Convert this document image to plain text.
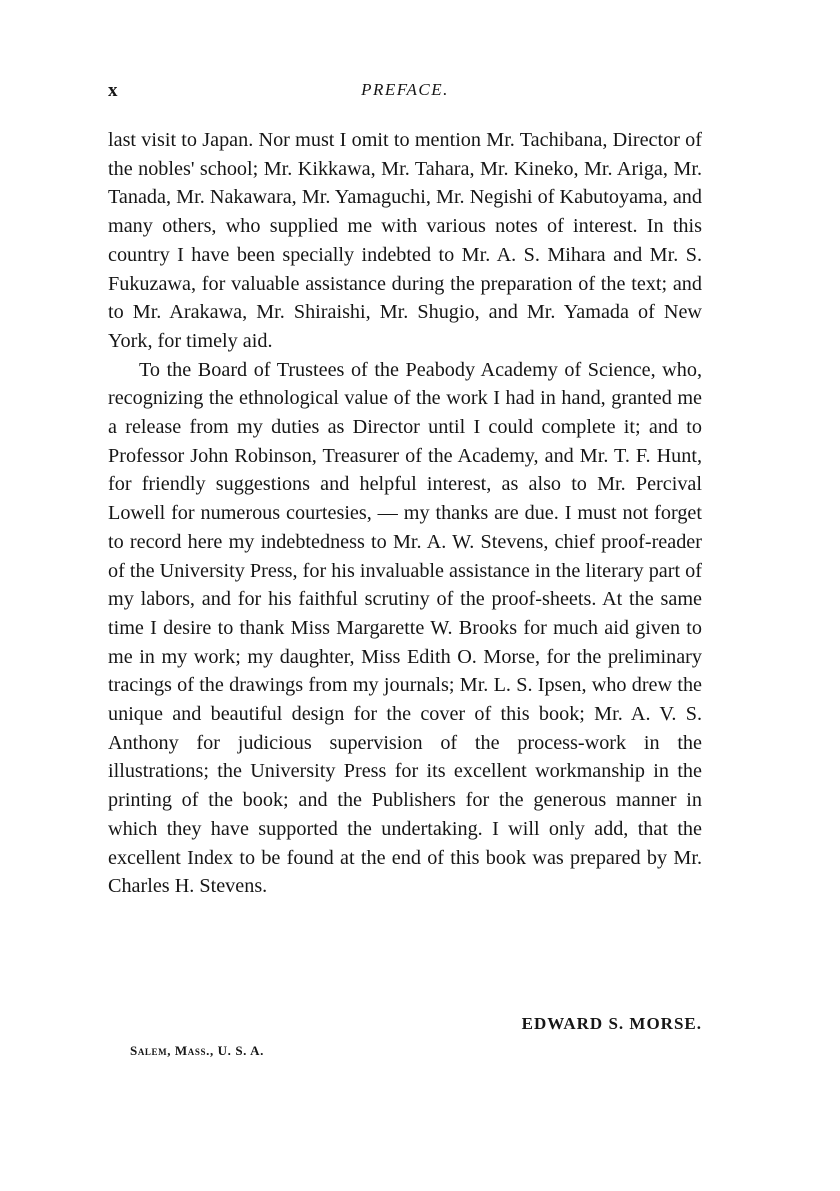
x	PREFACE.

last visit to Japan. Nor must I omit to mention Mr. Tachibana, Director of the nobles' school; Mr. Kikkawa, Mr. Tahara, Mr. Kineko, Mr. Ariga, Mr. Tanada, Mr. Nakawara, Mr. Yamaguchi, Mr. Negishi of Kabutoyama, and many others, who supplied me with various notes of interest. In this country I have been specially indebted to Mr. A. S. Mihara and Mr. S. Fukuzawa, for valuable assistance during the preparation of the text; and to Mr. Arakawa, Mr. Shiraishi, Mr. Shugio, and Mr. Yamada of New York, for timely aid.

To the Board of Trustees of the Peabody Academy of Science, who, recognizing the ethnological value of the work I had in hand, granted me a release from my duties as Director until I could complete it; and to Professor John Robinson, Treasurer of the Academy, and Mr. T. F. Hunt, for friendly suggestions and helpful interest, as also to Mr. Percival Lowell for numerous courtesies, — my thanks are due. I must not forget to record here my indebtedness to Mr. A. W. Stevens, chief proof-reader of the University Press, for his invaluable assistance in the literary part of my labors, and for his faithful scrutiny of the proof-sheets. At the same time I desire to thank Miss Margarette W. Brooks for much aid given to me in my work; my daughter, Miss Edith O. Morse, for the preliminary tracings of the drawings from my journals; Mr. L. S. Ipsen, who drew the unique and beautiful design for the cover of this book; Mr. A. V. S. Anthony for judicious supervision of the process-work in the illustrations; the University Press for its excellent workmanship in the printing of the book; and the Publishers for the generous manner in which they have supported the undertaking. I will only add, that the excellent Index to be found at the end of this book was prepared by Mr. Charles H. Stevens.

EDWARD S. MORSE.
Salem, Mass., U. S. A.
